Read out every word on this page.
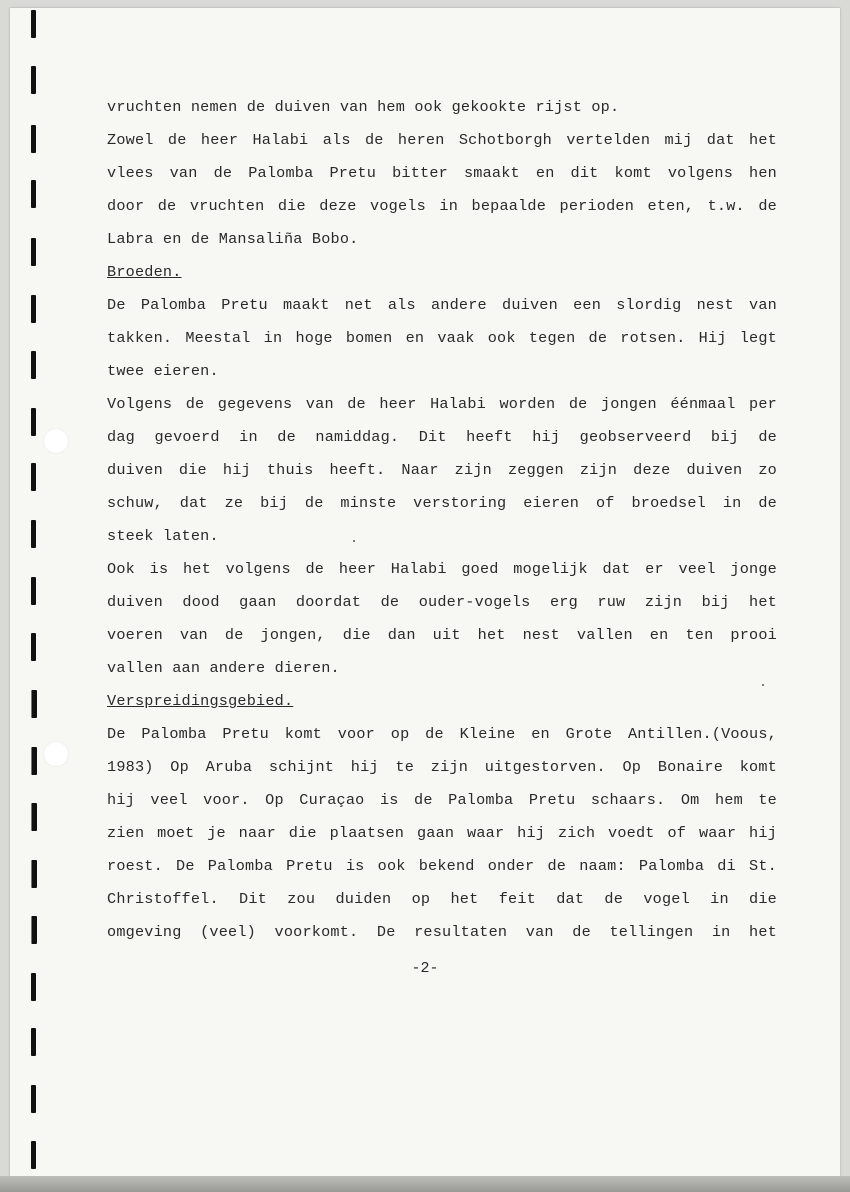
vruchten nemen de duiven van hem ook gekookte rijst op.
Zowel de heer Halabi als de heren Schotborgh vertelden mij dat het
vlees van de Palomba Pretu bitter smaakt en dit komt volgens hen
door de vruchten die deze vogels in bepaalde perioden eten, t.w. de
Labra en de Mansaliña Bobo.
Broeden.
De Palomba Pretu maakt net als andere duiven een slordig nest van
takken. Meestal in hoge bomen en vaak ook tegen de rotsen. Hij legt
twee eieren.
Volgens de gegevens van de heer Halabi worden de jongen éénmaal per
dag gevoerd in de namiddag. Dit heeft hij geobserveerd bij de
duiven die hij thuis heeft. Naar zijn zeggen zijn deze duiven zo
schuw, dat ze bij de minste verstoring eieren of broedsel in de
steek laten.
Ook is het volgens de heer Halabi goed mogelijk dat er veel jonge
duiven dood gaan doordat de ouder-vogels erg ruw zijn bij het
voeren van de jongen, die dan uit het nest vallen en ten prooi
vallen aan andere dieren.
Verspreidingsgebied.
De Palomba Pretu komt voor op de Kleine en Grote Antillen.(Voous,
1983) Op Aruba schijnt hij te zijn uitgestorven. Op Bonaire komt
hij veel voor. Op Curaçao is de Palomba Pretu schaars. Om hem te
zien moet je naar die plaatsen gaan waar hij zich voedt of waar hij
roest. De Palomba Pretu is ook bekend onder de naam: Palomba di St.
Christoffel. Dit zou duiden op het feit dat de vogel in die
omgeving (veel) voorkomt. De resultaten van de tellingen in het
-2-
